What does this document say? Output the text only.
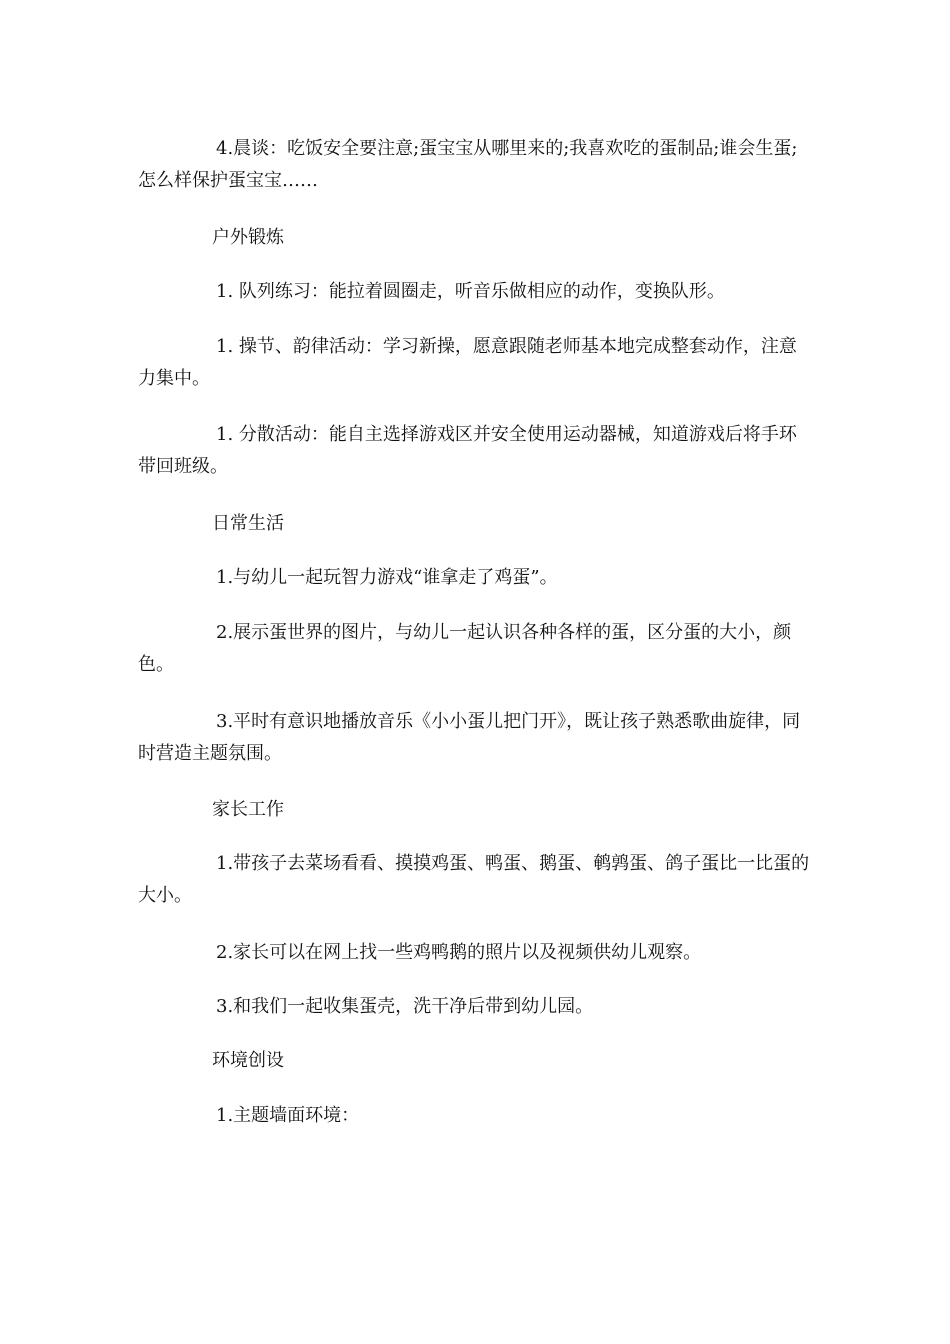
4.晨谈：吃饭安全要注意;蛋宝宝从哪里来的;我喜欢吃的蛋制品;谁会生蛋;怎么样保护蛋宝宝……

户外锻炼

1. 队列练习：能拉着圆圈走，听音乐做相应的动作，变换队形。

1. 操节、韵律活动：学习新操，愿意跟随老师基本地完成整套动作，注意力集中。

1. 分散活动：能自主选择游戏区并安全使用运动器械，知道游戏后将手环带回班级。

日常生活

1.与幼儿一起玩智力游戏“谁拿走了鸡蛋”。

2.展示蛋世界的图片，与幼儿一起认识各种各样的蛋，区分蛋的大小，颜色。

3.平时有意识地播放音乐《小小蛋儿把门开》，既让孩子熟悉歌曲旋律，同时营造主题氛围。

家长工作

1.带孩子去菜场看看、摸摸鸡蛋、鸭蛋、鹅蛋、鹌鹑蛋、鸽子蛋比一比蛋的大小。

2.家长可以在网上找一些鸡鸭鹅的照片以及视频供幼儿观察。

3.和我们一起收集蛋壳，洗干净后带到幼儿园。

环境创设

1.主题墙面环境：
